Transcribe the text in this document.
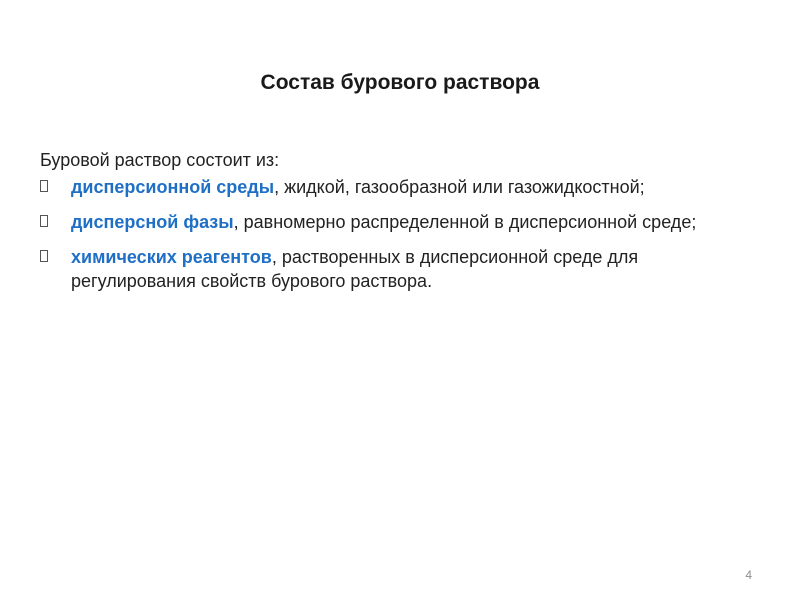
Состав бурового раствора
Буровой раствор состоит из:
дисперсионной среды, жидкой, газообразной или газожидкостной;
дисперсной фазы, равномерно распределенной в дисперсионной среде;
химических реагентов, растворенных в дисперсионной среде для регулирования свойств бурового раствора.
4
